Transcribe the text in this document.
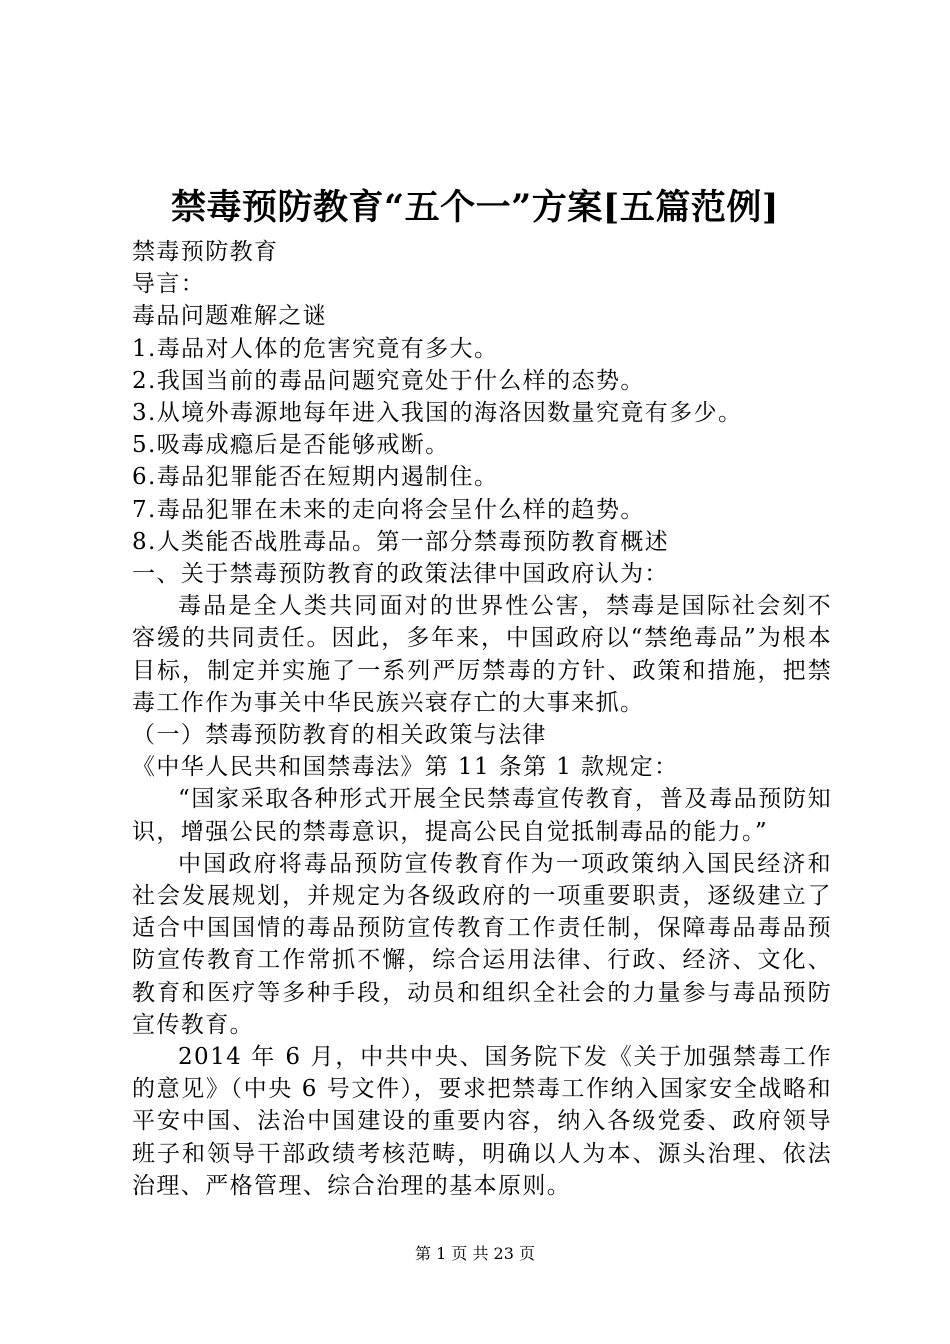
禁毒预防教育“五个一”方案[五篇范例]

禁毒预防教育

导言：

毒品问题难解之谜

1.毒品对人体的危害究竟有多大。

2.我国当前的毒品问题究竟处于什么样的态势。

3.从境外毒源地每年进入我国的海洛因数量究竟有多少。

5.吸毒成瘾后是否能够戒断。

6.毒品犯罪能否在短期内遏制住。

7.毒品犯罪在未来的走向将会呈什么样的趋势。

8.人类能否战胜毒品。第一部分禁毒预防教育概述

一、关于禁毒预防教育的政策法律中国政府认为：

毒品是全人类共同面对的世界性公害，禁毒是国际社会刻不容缓的共同责任。因此，多年来，中国政府以“禁绝毒品”为根本目标，制定并实施了一系列严厉禁毒的方针、政策和措施，把禁毒工作作为事关中华民族兴衰存亡的大事来抓。

（一）禁毒预防教育的相关政策与法律

《中华人民共和国禁毒法》第 11 条第 1 款规定：

“国家采取各种形式开展全民禁毒宣传教育，普及毒品预防知识，增强公民的禁毒意识，提高公民自觉抵制毒品的能力。”

中国政府将毒品预防宣传教育作为一项政策纳入国民经济和社会发展规划，并规定为各级政府的一项重要职责，逐级建立了适合中国国情的毒品预防宣传教育工作责任制，保障毒品毒品预防宣传教育工作常抓不懈，综合运用法律、行政、经济、文化、教育和医疗等多种手段，动员和组织全社会的力量参与毒品预防宣传教育。

2014 年 6 月，中共中央、国务院下发《关于加强禁毒工作的意见》（中央 6 号文件），要求把禁毒工作纳入国家安全战略和平安中国、法治中国建设的重要内容，纳入各级党委、政府领导班子和领导干部政绩考核范畴，明确以人为本、源头治理、依法治理、严格管理、综合治理的基本原则。

第 1 页 共 23 页
